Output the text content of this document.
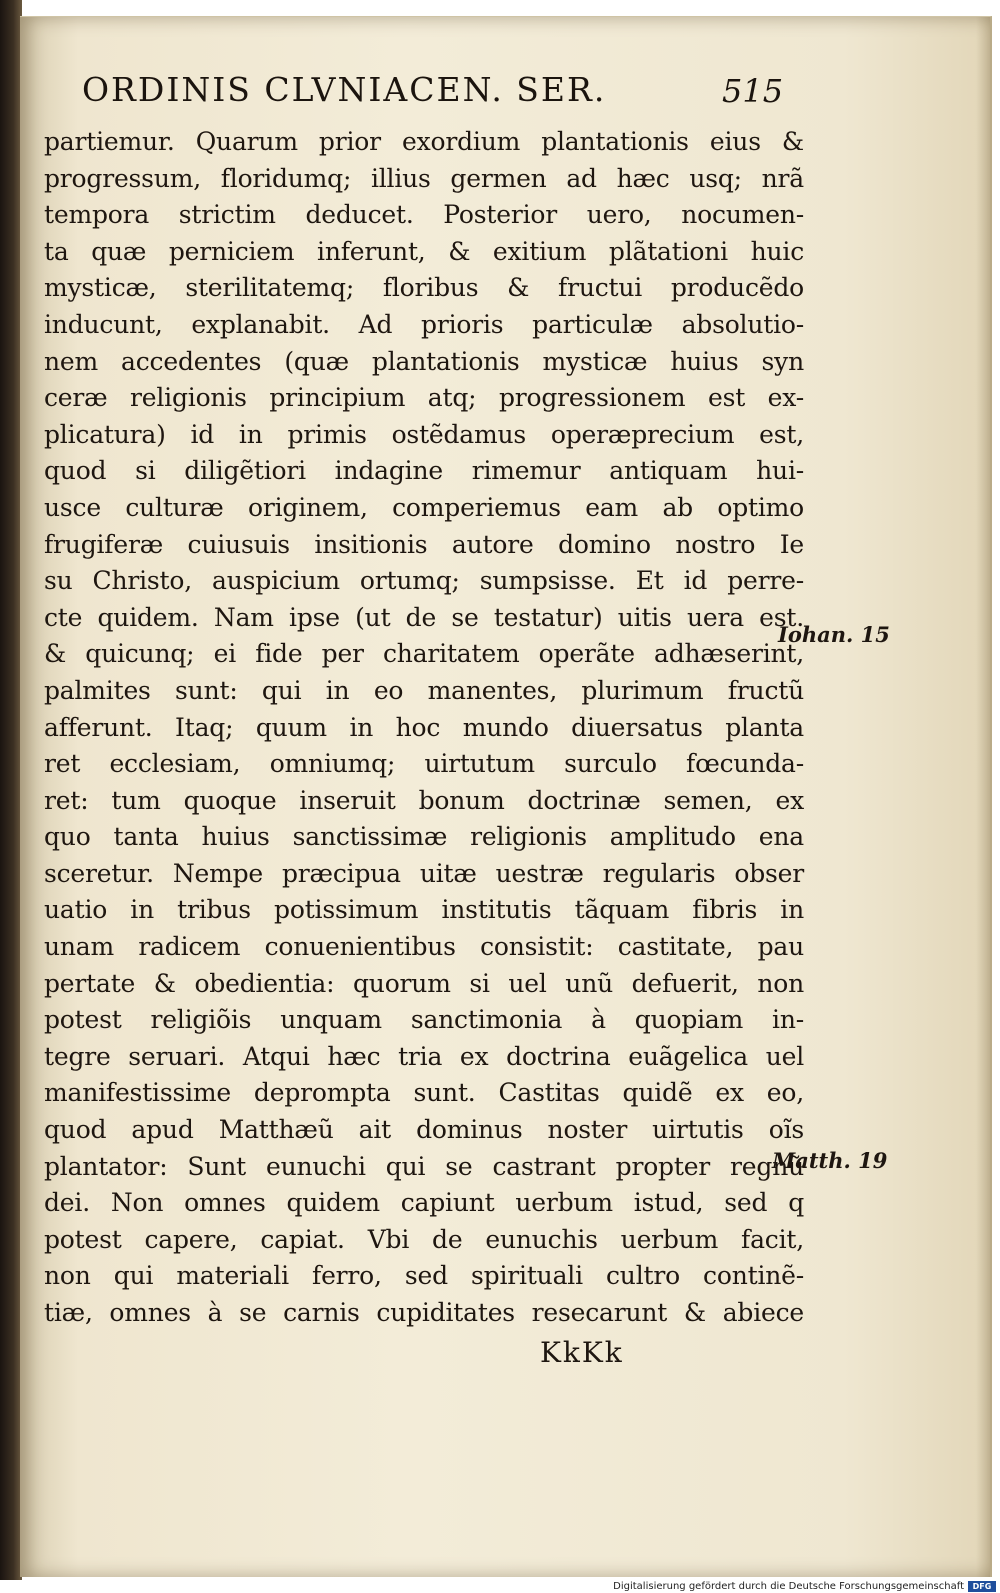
ORDINIS CLVNIACEN. SER.	515
partiemur. Quarum prior exordium plantationis eius &
progressum, floridumq; illius germen ad hæc usq; nrã
tempora strictim deducet. Posterior uero, nocumen-
ta quæ perniciem inferunt, & exitium plãtationi huic
mysticæ, sterilitatemq; floribus & fructui producẽdo
inducunt, explanabit. Ad prioris particulæ absolutio-
nem accedentes (quæ plantationis mysticæ huius syn
ceræ religionis principium atq; progressionem est ex-
plicatura) id in primis ostẽdamus operæprecium est,
quod si diligẽtiori indagine rimemur antiquam hui-
usce culturæ originem, comperiemus eam ab optimo
frugiferæ cuiusuis insitionis autore domino nostro Ie
su Christo, auspicium ortumq; sumpsisse. Et id perre-
cte quidem. Nam ipse (ut de se testatur) uitis uera est.
& quicunq; ei fide per charitatem operãte adhæserint,
palmites sunt: qui in eo manentes, plurimum fructũ
afferunt. Itaq; quum in hoc mundo diuersatus planta
ret ecclesiam, omniumq; uirtutum surculo fœcunda-
ret: tum quoque inseruit bonum doctrinæ semen, ex
quo tanta huius sanctissimæ religionis amplitudo ena
sceretur. Nempe præcipua uitæ uestræ regularis obser
uatio in tribus potissimum institutis tãquam fibris in
unam radicem conuenientibus consistit: castitate, pau
pertate & obedientia: quorum si uel unũ defuerit, non
potest religiõis unquam sanctimonia à quopiam in-
tegre seruari. Atqui hæc tria ex doctrina euãgelica uel
manifestissime deprompta sunt. Castitas quidẽ ex eo,
quod apud Matthæũ ait dominus noster uirtutis oĩs
plantator: Sunt eunuchi qui se castrant propter regnũ
dei. Non omnes quidem capiunt uerbum istud, sed q
potest capere, capiat. Vbi de eunuchis uerbum facit,
non qui materiali ferro, sed spirituali cultro continẽ-
tiæ, omnes à se carnis cupiditates resecarunt & abiece
Iohan. 15
Matth. 19
KkKk
Digitalisierung gefördert durch die Deutsche Forschungsgemeinschaft	DFG
